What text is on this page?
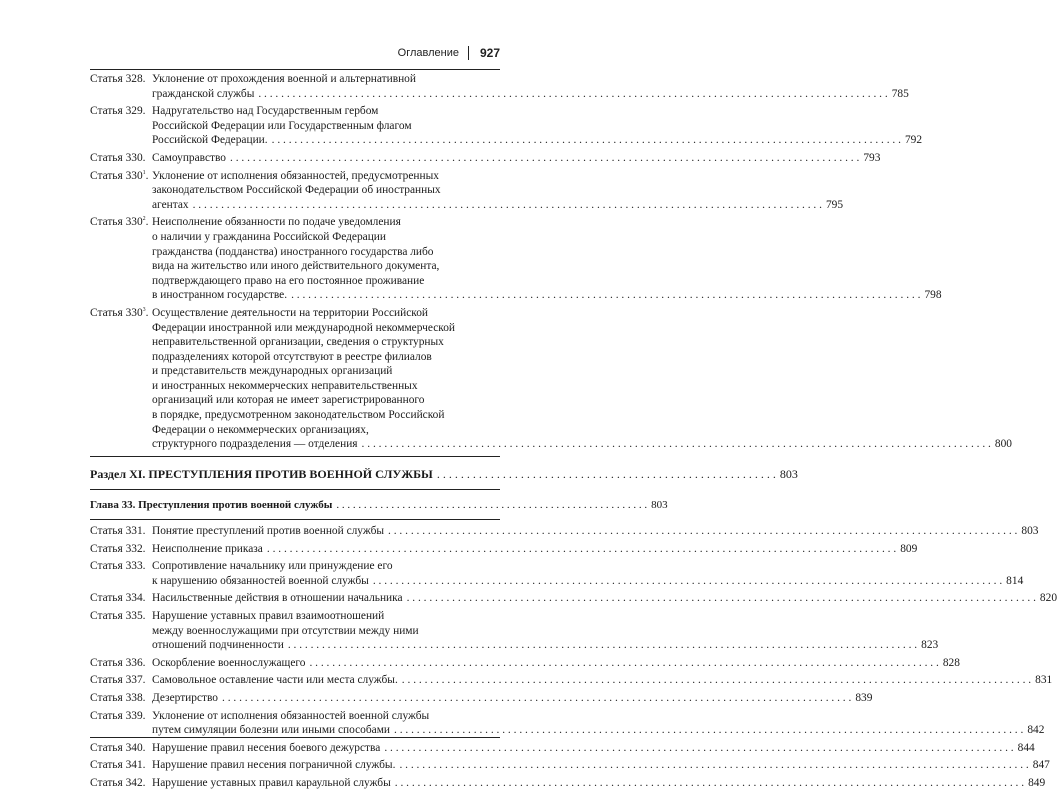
Оглавление 927
Статья 328. Уклонение от прохождения военной и альтернативной
гражданской службы . . .	785
Статья 329. Надругательство над Государственным гербом
Российской Федерации или Государственным флагом
Российской Федерации. . . .	792
Статья 330. Самоуправство . . .	793
Статья $330^1$. Уклонение от исполнения обязанностей, предусмотренных
законодательством Российской Федерации об иностранных
агентах . . .	795
Статья $330^2$. Неисполнение обязанности по подаче уведомления
о наличии у гражданина Российской Федерации
гражданства (подданства) иностранного государства либо
вида на жительство или иного действительного документа,
подтверждающего право на его постоянное проживание
в иностранном государстве. . . .	798
Статья $330^3$. Осуществление деятельности на территории Российской
Федерации иностранной или международной некоммерческой
неправительственной организации, сведения о структурных
подразделениях которой отсутствуют в реестре филиалов
и представительств международных организаций
и иностранных некоммерческих неправительственных
организаций или которая не имеет зарегистрированного
в порядке, предусмотренном законодательством Российской
Федерации о некоммерческих организациях,
структурного подразделения — отделения . . .	800
Раздел XI. ПРЕСТУПЛЕНИЯ ПРОТИВ ВОЕННОЙ СЛУЖБЫ . . .	803
Глава 33. Преступления против военной службы . . .	803
Статья 331. Понятие преступлений против военной службы . . .	803
Статья 332. Неисполнение приказа . . .	809
Статья 333. Сопротивление начальнику или принуждение его
к нарушению обязанностей военной службы . . .	814
Статья 334. Насильственные действия в отношении начальника . . .	820
Статья 335. Нарушение уставных правил взаимоотношений
между военнослужащими при отсутствии между ними
отношений подчиненности . . .	823
Статья 336. Оскорбление военнослужащего . . .	828
Статья 337. Самовольное оставление части или места службы. . . .	831
Статья 338. Дезертирство . . .	839
Статья 339. Уклонение от исполнения обязанностей военной службы
путем симуляции болезни или иными способами . . .	842
Статья 340. Нарушение правил несения боевого дежурства . . .	844
Статья 341. Нарушение правил несения пограничной службы. . . .	847
Статья 342. Нарушение уставных правил караульной службы . . .	849
